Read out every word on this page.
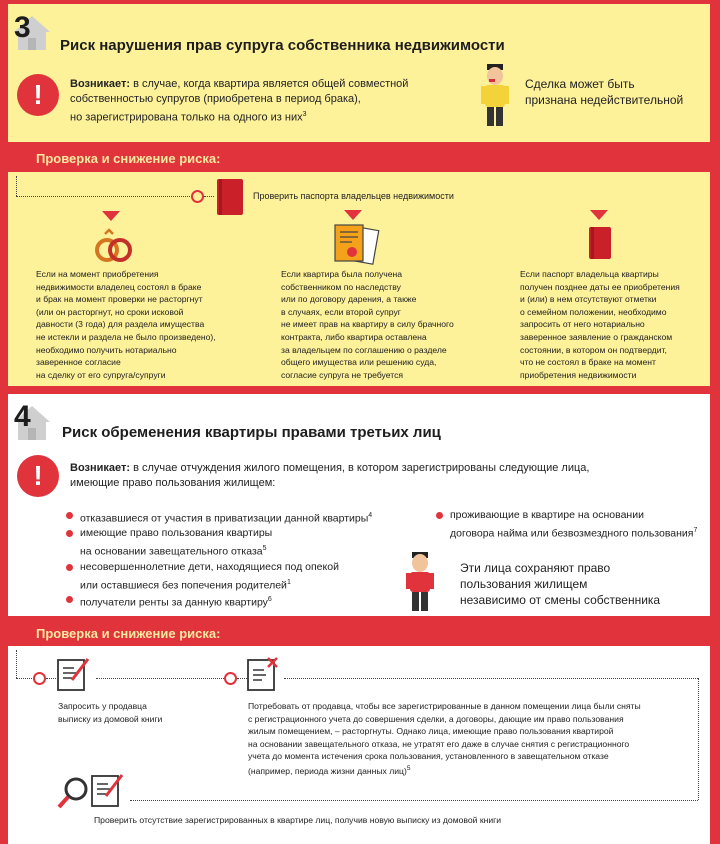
3
Риск нарушения прав супруга собственника недвижимости
!	Возникает: в случае, когда квартира является общей совместной
собственностью супругов (приобретена в период брака),
но зарегистрирована только на одного из них$^3$
Сделка может быть
признана недействительной
Проверка и снижение риска:
Проверить паспорта владельцев недвижимости
Если на момент приобретения
недвижимости владелец состоял в браке
и брак на момент проверки не расторгнут
(или он расторгнут, но сроки исковой
давности (3 года) для раздела имущества
не истекли и раздела не было произведено),
необходимо получить нотариально
заверенное согласие
на сделку от его супруга/супруги
Если квартира была получена
собственником по наследству
или по договору дарения, а также
в случаях, если второй супруг
не имеет прав на квартиру в силу брачного
контракта, либо квартира оставлена
за владельцем по соглашению о разделе
общего имущества или решению суда,
согласие супруга не требуется
Если паспорт владельца квартиры
получен позднее даты ее приобретения
и (или) в нем отсутствуют отметки
о семейном положении, необходимо
запросить от него нотариально
заверенное заявление о гражданском
состоянии, в котором он подтвердит,
что не состоял в браке на момент
приобретения недвижимости
4 Риск обременения квартиры правами третьих лиц
!	Возникает: в случае отчуждения жилого помещения, в котором зарегистрированы следующие лица,
имеющие право пользования жилищем:
отказавшиеся от участия в приватизации данной квартиры$^4$
имеющие право пользования квартиры
на основании завещательного отказа$^5$
несовершеннолетние дети, находящиеся под опекой
или оставшиеся без попечения родителей$^1$
получатели ренты за данную квартиру$^6$
проживающие в квартире на основании
договора найма или безвозмездного пользования$^7$
Эти лица сохраняют право
пользования жилищем
независимо от смены собственника
Проверка и снижение риска:
Запросить у продавца
выписку из домовой книги
Потребовать от продавца, чтобы все зарегистрированные в данном помещении лица были сняты
с регистрационного учета до совершения сделки, а договоры, дающие им право пользования
жилым помещением, – расторгнуты. Однако лица, имеющие право пользования квартирой
на основании завещательного отказа, не утратят его даже в случае снятия с регистрационного
учета до момента истечения срока пользования, установленного в завещательном отказе
(например, периода жизни данных лиц)$^5$
Проверить отсутствие зарегистрированных в квартире лиц, получив новую выписку из домовой книги
